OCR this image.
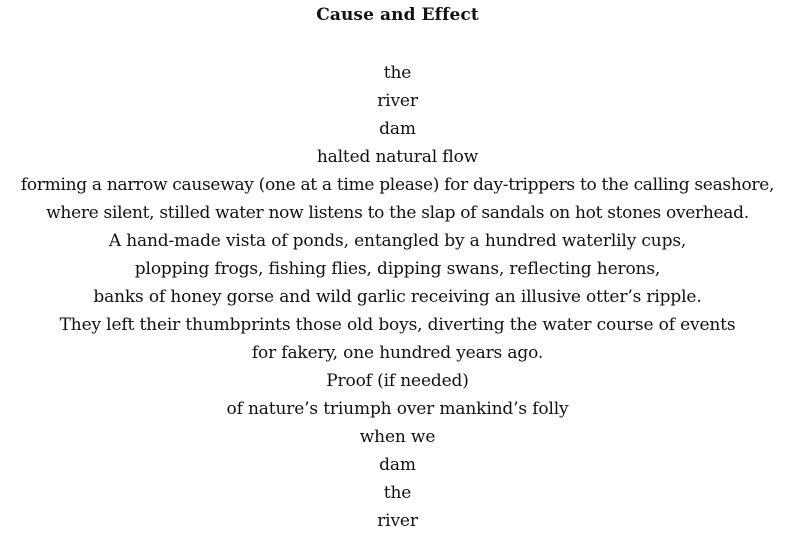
Cause and Effect
the
river
dam
halted natural flow
forming a narrow causeway (one at a time please) for day-trippers to the calling seashore,
where silent, stilled water now listens to the slap of sandals on hot stones overhead.
A hand-made vista of ponds, entangled by a hundred waterlily cups,
plopping frogs, fishing flies, dipping swans, reflecting herons,
banks of honey gorse and wild garlic receiving an illusive otter’s ripple.
They left their thumbprints those old boys, diverting the water course of events
for fakery, one hundred years ago.
Proof (if needed)
of nature’s triumph over mankind’s folly
when we
dam
the
river
